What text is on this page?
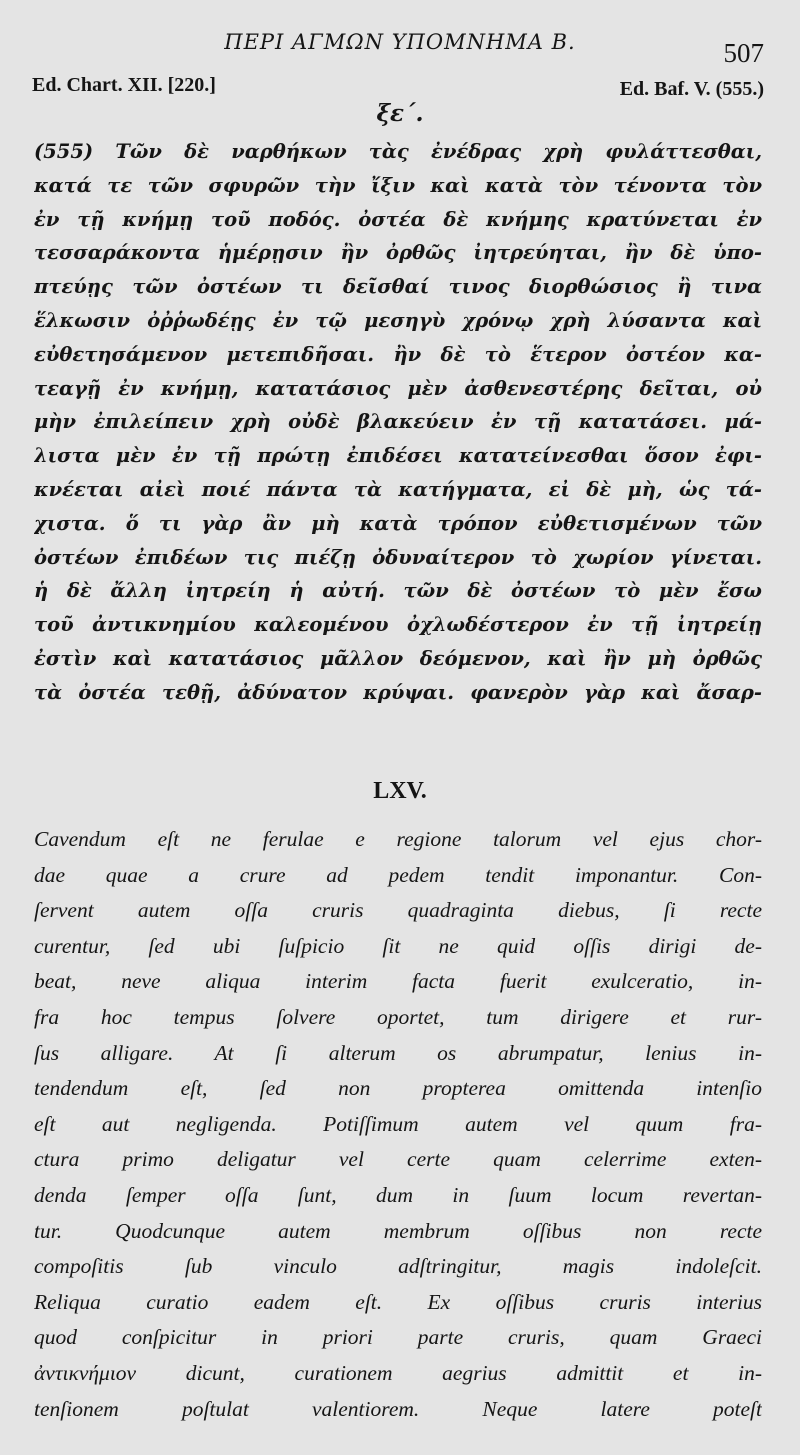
ΠΕΡΙ ΑΓΜΩΝ ΥΠΟΜΝΗΜΑ Β.	507
Ed. Chart. XII. [220.]	Ed. Baf. V. (555.)
ξε΄.
(555) Τῶν δὲ ναρθήκων τὰς ἐνέδρας χρὴ φυλάττεσθαι,
κατά τε τῶν σφυρῶν τὴν ἴξιν καὶ κατὰ τὸν τένοντα τὸν
ἐν τῇ κνήμῃ τοῦ ποδός. ὀστέα δὲ κνήμης κρατύνεται ἐν
τεσσαράκοντα ἡμέρῃσιν ἢν ὀρθῶς ἰητρεύηται, ἢν δὲ ὑπο-
πτεύῃς τῶν ὀστέων τι δεῖσθαί τινος διορθώσιος ἢ τινα
ἕλκωσιν ὀῤῥωδέῃς ἐν τῷ μεσηγὺ χρόνῳ χρὴ λύσαντα καὶ
εὐθετησάμενον μετεπιδῆσαι. ἢν δὲ τὸ ἕτερον ὀστέον κα-
τεαγῇ ἐν κνήμῃ, κατατάσιος μὲν ἀσθενεστέρης δεῖται, οὐ
μὴν ἐπιλείπειν χρὴ οὐδὲ βλακεύειν ἐν τῇ κατατάσει. μά-
λιστα μὲν ἐν τῇ πρώτῃ ἐπιδέσει κατατείνεσθαι ὅσον ἐφι-
κνέεται αἰεὶ ποιέ πάντα τὰ κατήγματα, εἰ δὲ μὴ, ὡς τά-
χιστα. ὅ τι γὰρ ἂν μὴ κατὰ τρόπον εὐθετισμένων τῶν
ὀστέων ἐπιδέων τις πιέζῃ ὀδυναίτερον τὸ χωρίον γίνεται.
ἡ δὲ ἄλλη ἰητρείη ἡ αὐτή. τῶν δὲ ὀστέων τὸ μὲν ἔσω
τοῦ ἀντικνημίου καλεομένου ὀχλωδέστερον ἐν τῇ ἰητρείῃ
ἐστὶν καὶ κατατάσιος μᾶλλον δεόμενον, καὶ ἢν μὴ ὀρθῶς
τὰ ὀστέα τεθῇ, ἀδύνατον κρύψαι. φανερὸν γὰρ καὶ ἄσαρ-
LXV.
Cavendum eſt ne ferulae e regione talorum vel ejus chor-
dae quae a crure ad pedem tendit imponantur. Con-
ſervent autem oſſa cruris quadraginta diebus, ſi recte
curentur, ſed ubi ſuſpicio ſit ne quid oſſis dirigi de-
beat, neve aliqua interim facta fuerit exulceratio, in-
fra hoc tempus ſolvere oportet, tum dirigere et rur-
ſus alligare. At ſi alterum os abrumpatur, lenius in-
tendendum eſt, ſed non propterea omittenda intenſio
eſt aut negligenda. Potiſſimum autem vel quum fra-
ctura primo deligatur vel certe quam celerrime exten-
denda ſemper oſſa ſunt, dum in ſuum locum revertan-
tur. Quodcunque autem membrum oſſibus non recte
compoſitis ſub vinculo adſtringitur, magis indoleſcit.
Reliqua curatio eadem eſt. Ex oſſibus cruris interius
quod conſpicitur in priori parte cruris, quam Graeci
ἀντικνήμιον dicunt, curationem aegrius admittit et in-
tenſionem poſtulat valentiorem. Neque latere poteſt
